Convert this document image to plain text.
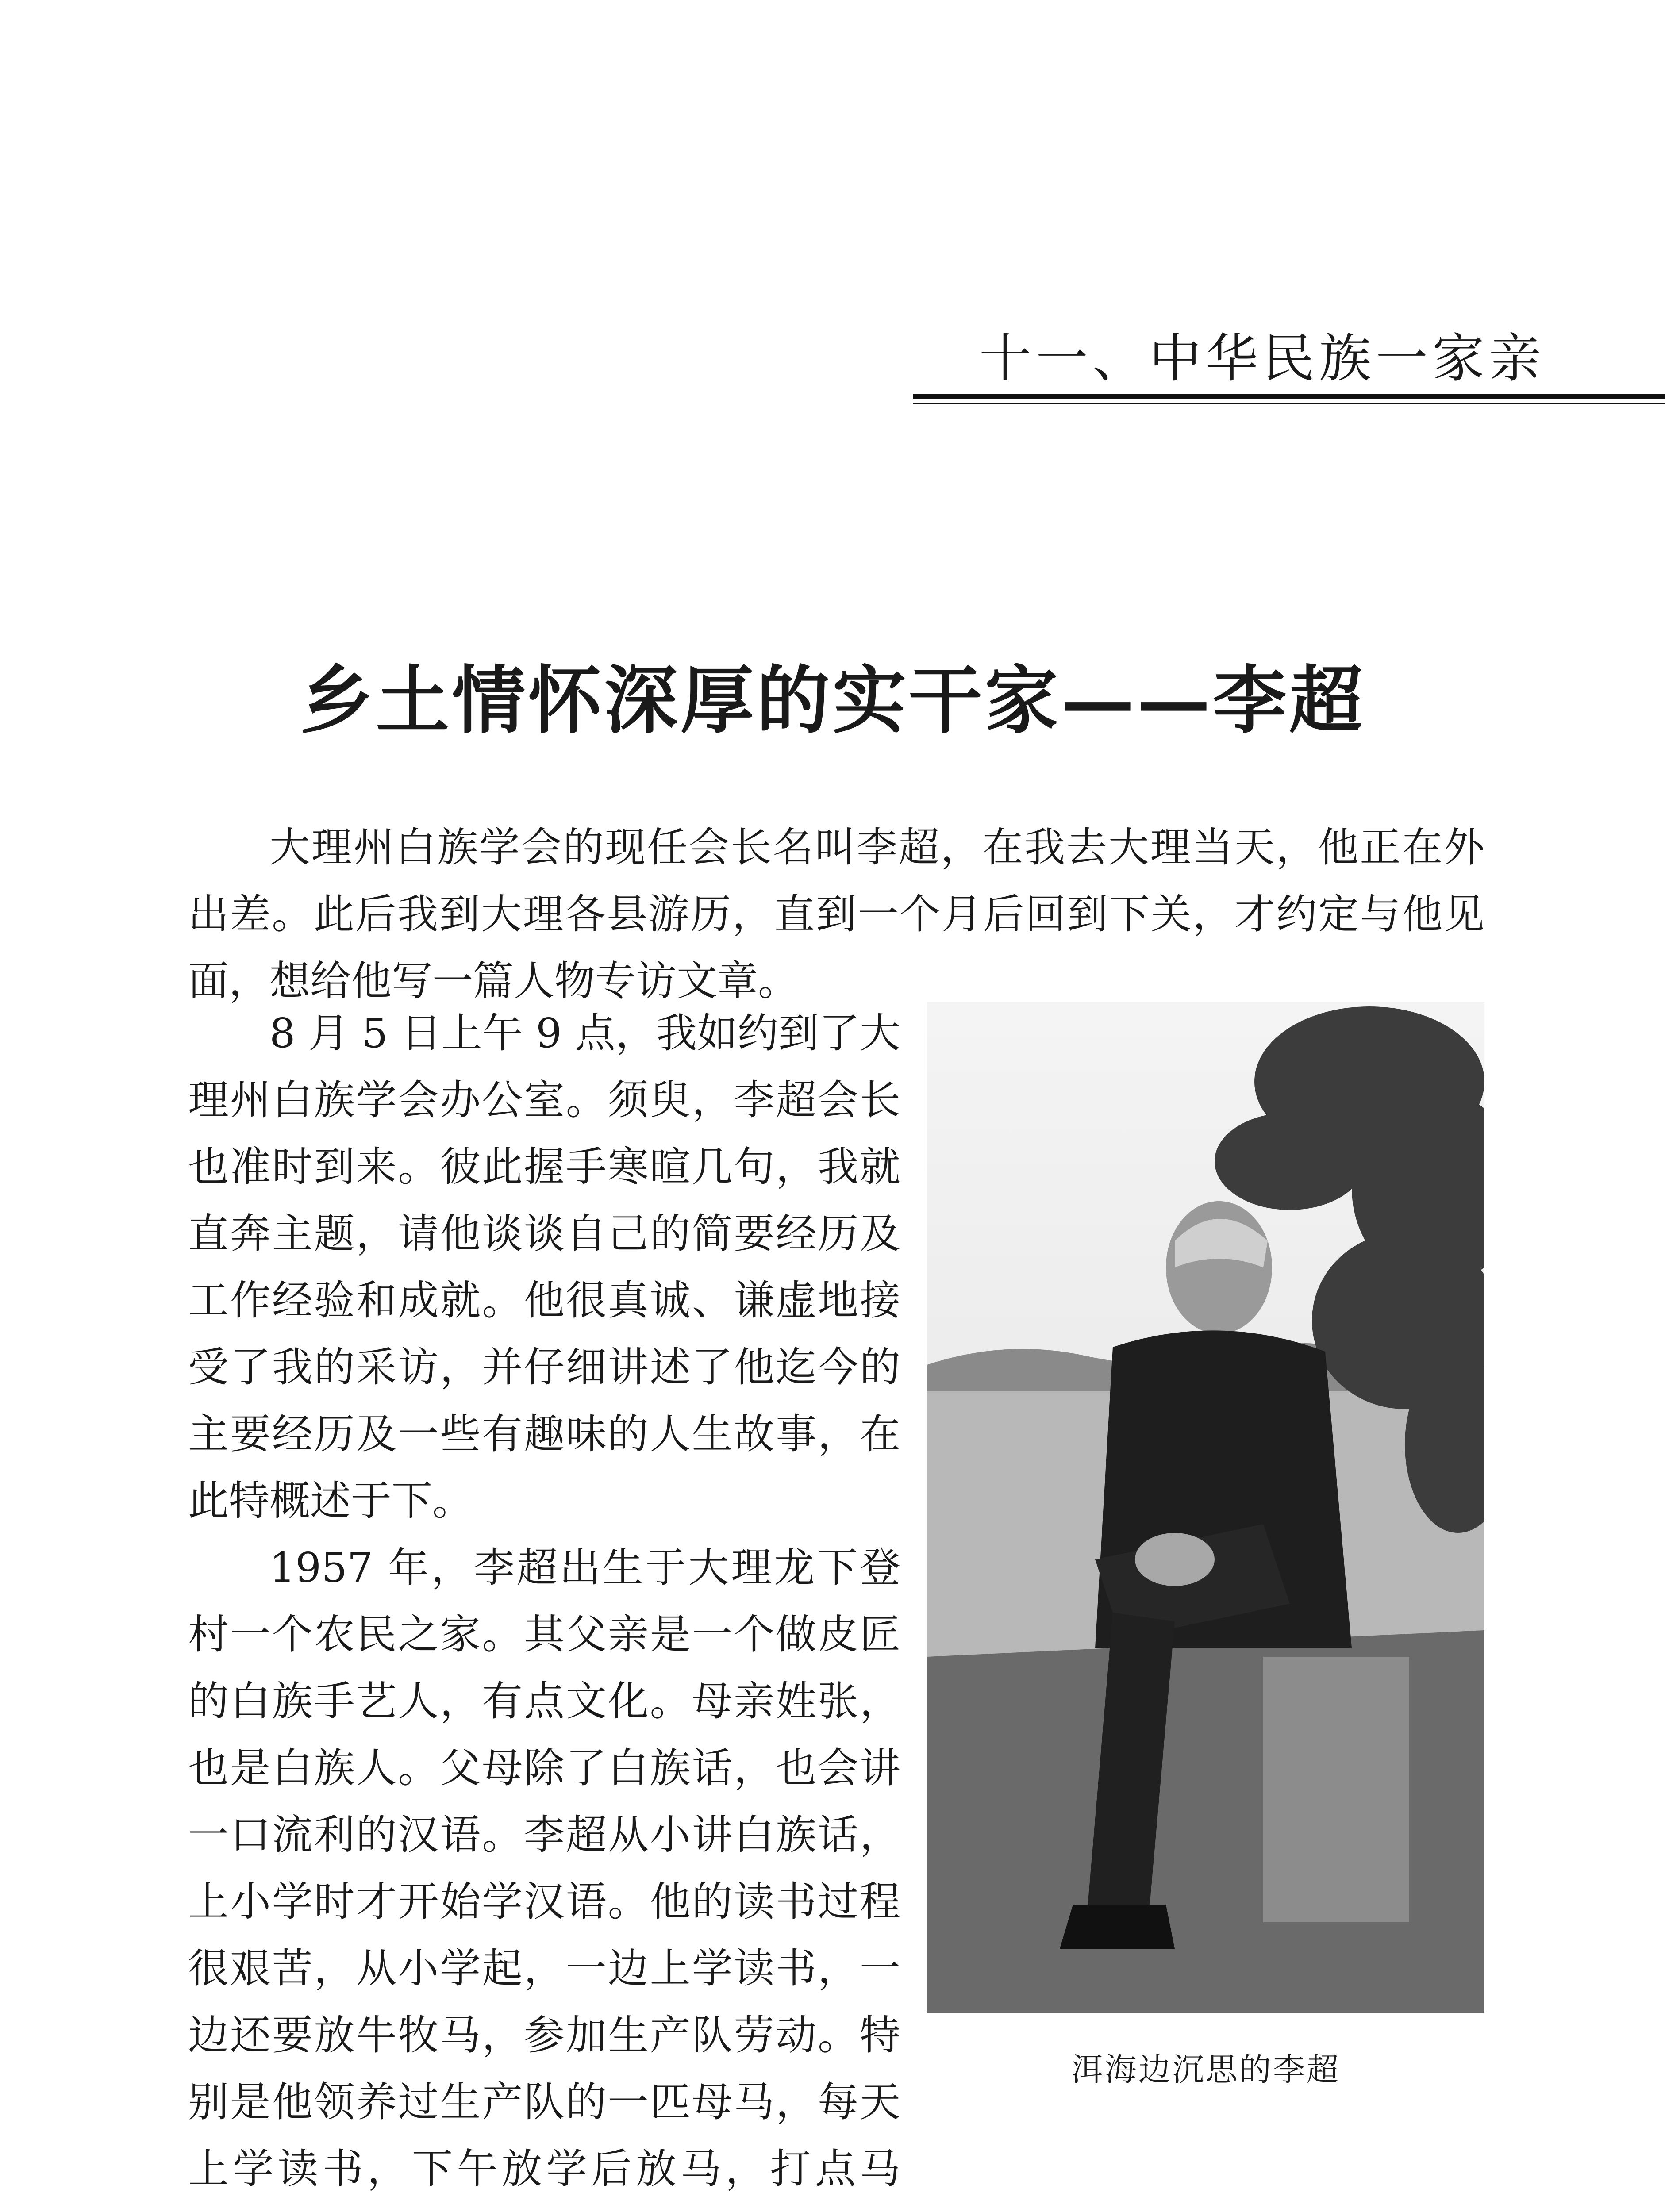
十一、中华民族一家亲
乡土情怀深厚的实干家——李超

大理州白族学会的现任会长名叫李超，在我去大理当天，他正在外出差。此后我到大理各县游历，直到一个月后回到下关，才约定与他见面，想给他写一篇人物专访文章。

8 月 5 日上午 9 点，我如约到了大理州白族学会办公室。须臾，李超会长也准时到来。彼此握手寒暄几句，我就直奔主题，请他谈谈自己的简要经历及工作经验和成就。他很真诚、谦虚地接受了我的采访，并仔细讲述了他迄今的主要经历及一些有趣味的人生故事，在此特概述于下。

1957 年，李超出生于大理龙下登村一个农民之家。其父亲是一个做皮匠的白族手艺人，有点文化。母亲姓张，也是白族人。父母除了白族话，也会讲一口流利的汉语。李超从小讲白族话，上小学时才开始学汉语。他的读书过程很艰苦，从小学起，一边上学读书，一边还要放牛牧马，参加生产队劳动。特别是他领养过生产队的一匹母马，每天上学读书，下午放学后放马，打点马

洱海边沉思的李超
